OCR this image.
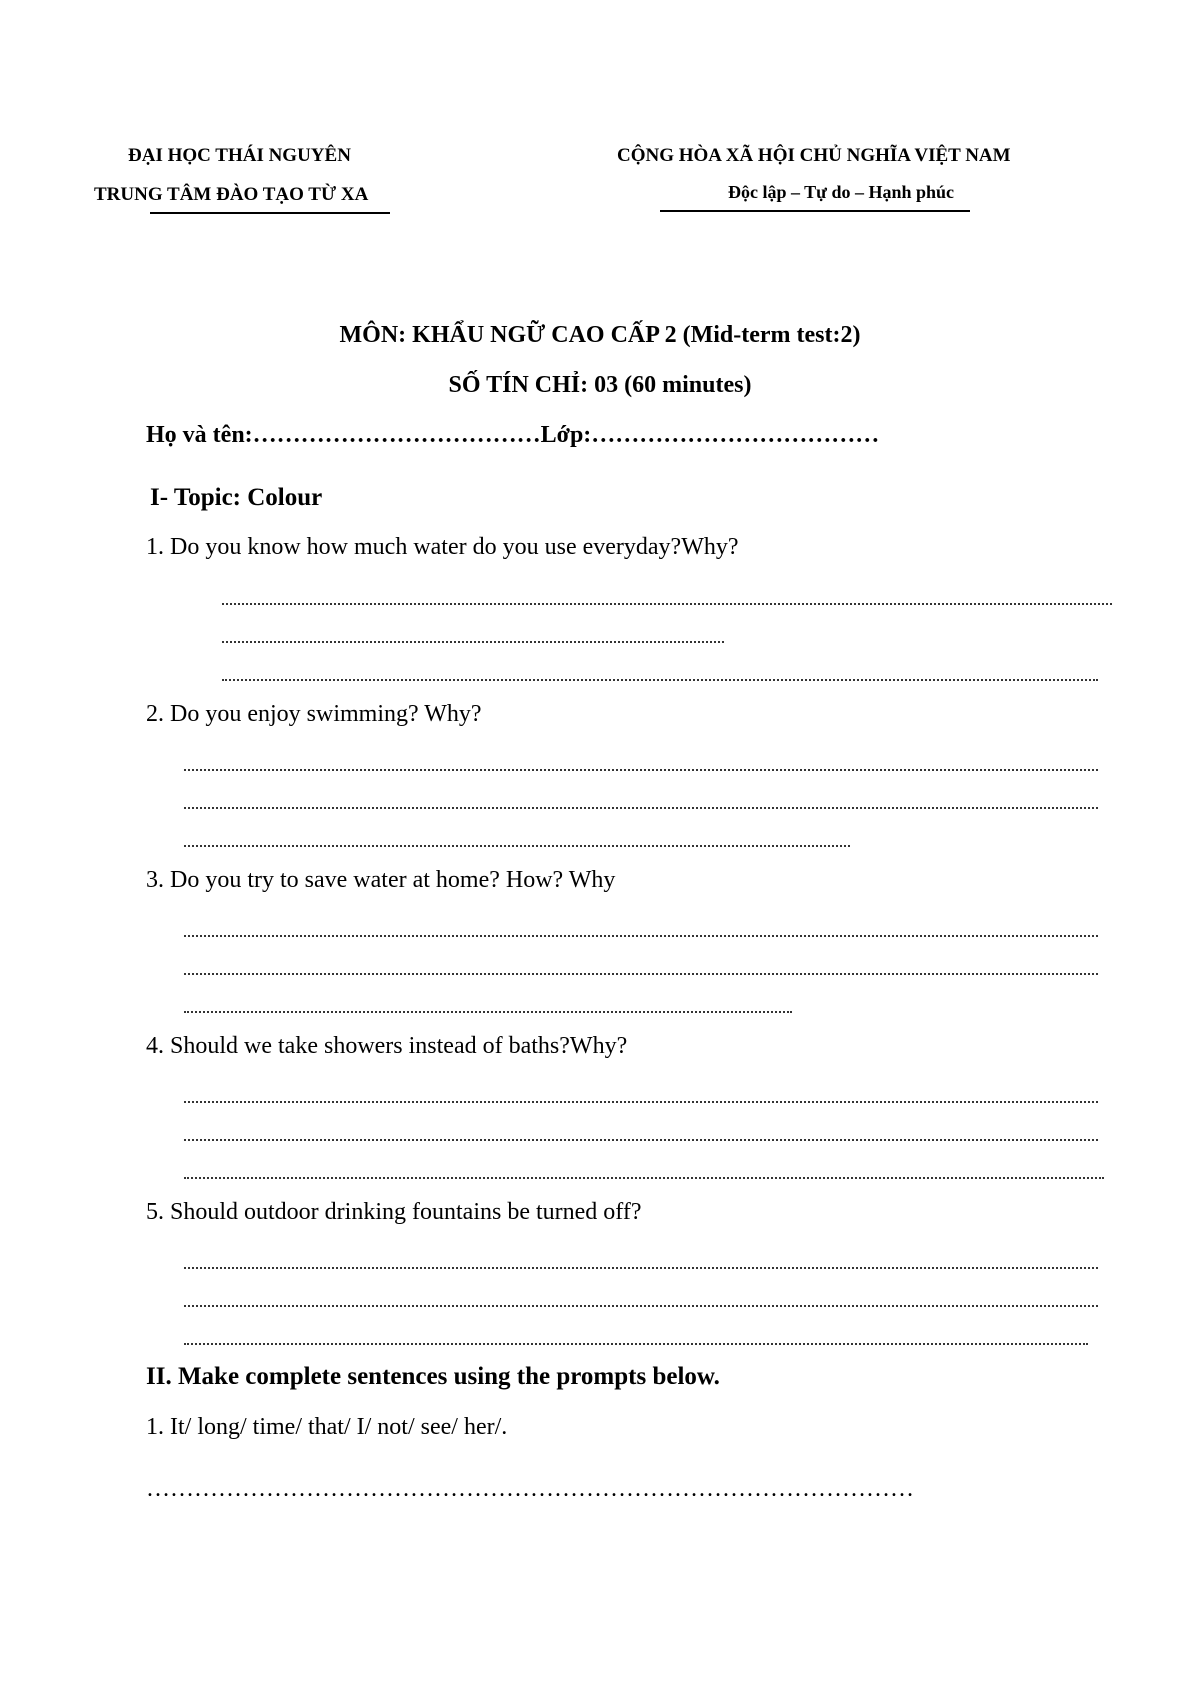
ĐẠI HỌC THÁI NGUYÊN
TRUNG TÂM ĐÀO TẠO TỪ XA
CỘNG HÒA XÃ HỘI CHỦ NGHĨA VIỆT NAM
Độc lập – Tự do – Hạnh phúc
MÔN: KHẨU NGỮ CAO CẤP 2 (Mid-term test:2)
SỐ TÍN CHỈ: 03 (60 minutes)
Họ và tên:………………………………Lớp:………………………………
I- Topic: Colour
1. Do you know how much water do you use everyday?Why?
2. Do you enjoy swimming? Why?
3. Do you try to save water at home? How? Why
4. Should we take showers instead of baths?Why?
5. Should outdoor drinking fountains be turned off?
II. Make complete sentences using the prompts below.
1. It/ long/ time/ that/ I/ not/ see/ her/.
……………………………………………………………………………………
